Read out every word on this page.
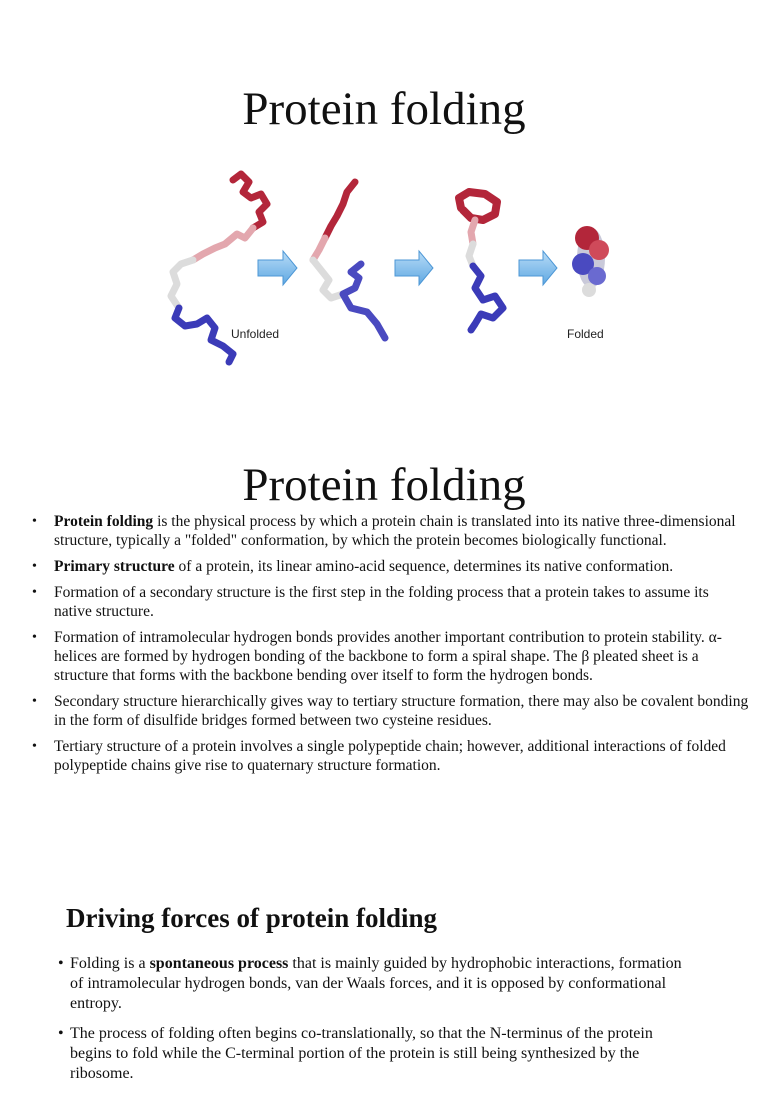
Protein folding
Unfolded	Folded
Protein folding
• Protein folding is the physical process by which a protein chain is translated into its native three-dimensional structure, typically a "folded" conformation, by which the protein becomes biologically functional.
• Primary structure of a protein, its linear amino-acid sequence, determines its native conformation.
• Formation of a secondary structure is the first step in the folding process that a protein takes to assume its native structure.
• Formation of intramolecular hydrogen bonds provides another important contribution to protein stability. α-helices are formed by hydrogen bonding of the backbone to form a spiral shape. The β pleated sheet is a structure that forms with the backbone bending over itself to form the hydrogen bonds.
• Secondary structure hierarchically gives way to tertiary structure formation, there may also be covalent bonding in the form of disulfide bridges formed between two cysteine residues.
• Tertiary structure of a protein involves a single polypeptide chain; however, additional interactions of folded polypeptide chains give rise to quaternary structure formation.
Driving forces of protein folding
• Folding is a spontaneous process that is mainly guided by hydrophobic interactions, formation of intramolecular hydrogen bonds, van der Waals forces, and it is opposed by conformational entropy.
• The process of folding often begins co-translationally, so that the N-terminus of the protein begins to fold while the C-terminal portion of the protein is still being synthesized by the ribosome.
